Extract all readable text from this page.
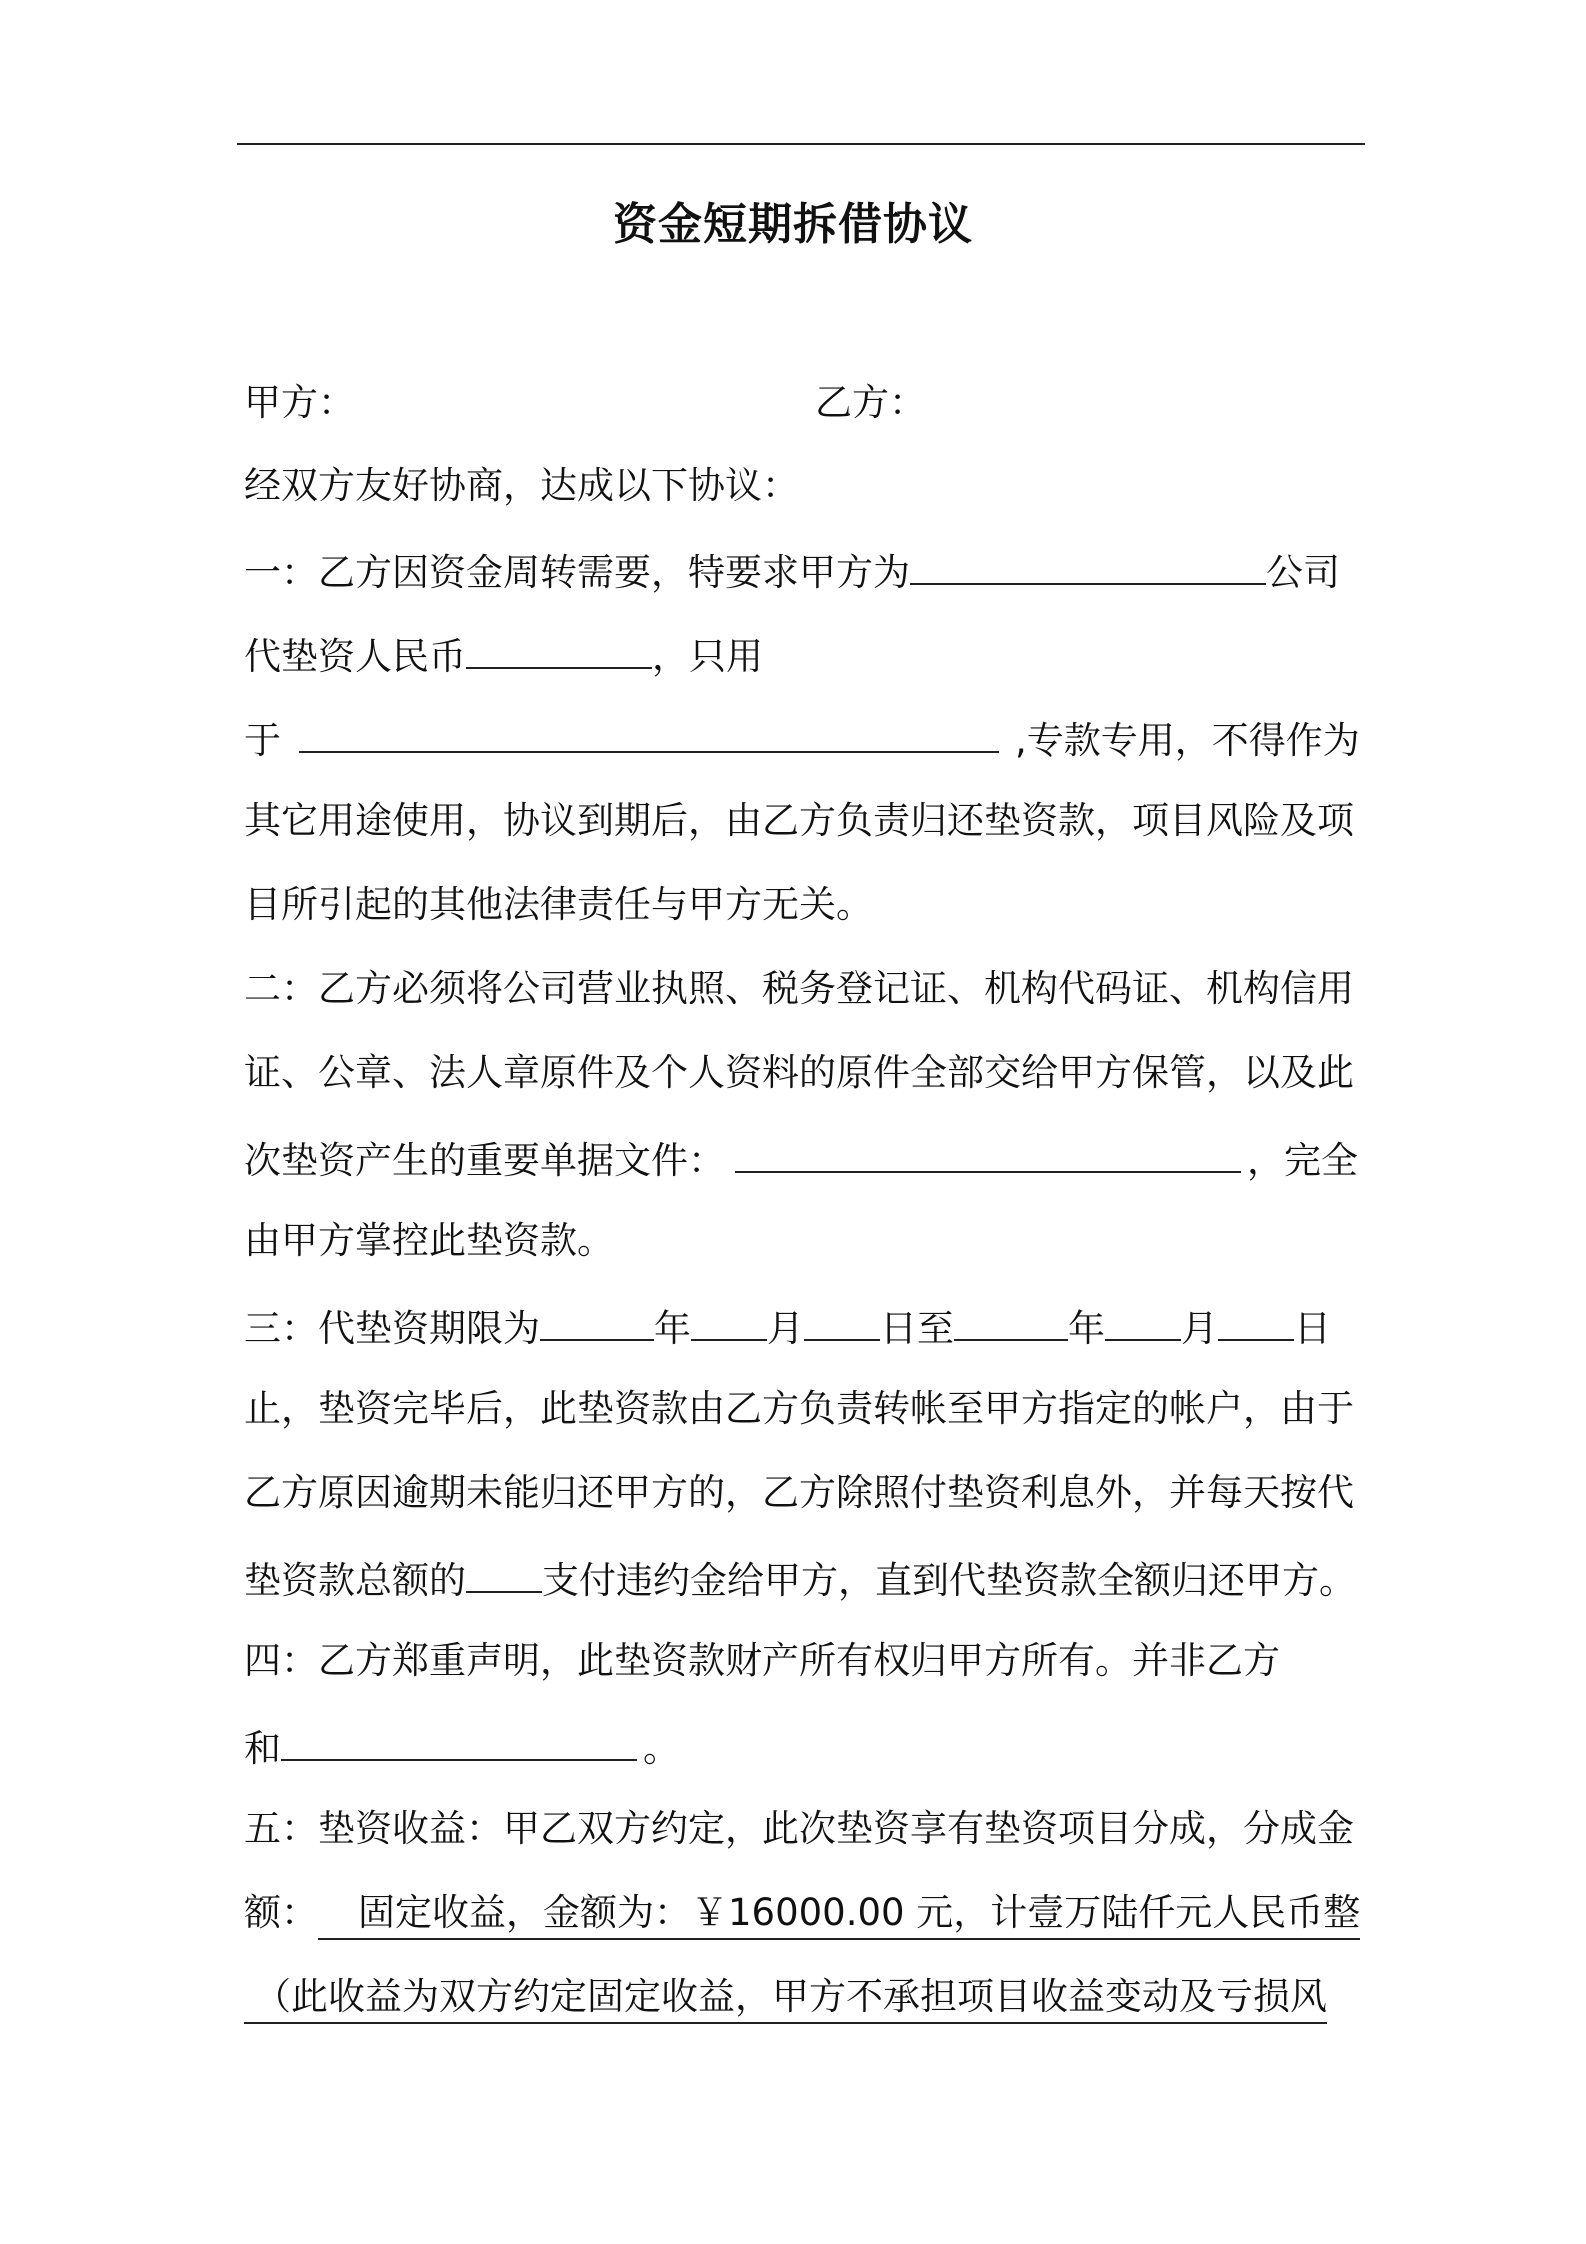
资金短期拆借协议
甲方：	乙方：
经双方友好协商，达成以下协议：
一：乙方因资金周转需要，特要求甲方为	公司
代垫资人民币	，只用
于	,专款专用，不得作为
其它用途使用，协议到期后，由乙方负责归还垫资款，项目风险及项
目所引起的其他法律责任与甲方无关。
二：乙方必须将公司营业执照、税务登记证、机构代码证、机构信用
证、公章、法人章原件及个人资料的原件全部交给甲方保管，以及此
次垫资产生的重要单据文件：	，完全
由甲方掌控此垫资款。
三：代垫资期限为	年 月 日至	年 月 日
止，垫资完毕后，此垫资款由乙方负责转帐至甲方指定的帐户，由于
乙方原因逾期未能归还甲方的，乙方除照付垫资利息外，并每天按代
垫资款总额的 支付违约金给甲方，直到代垫资款全额归还甲方。
四：乙方郑重声明，此垫资款财产所有权归甲方所有。并非乙方
和	。
五：垫资收益：甲乙双方约定，此次垫资享有垫资项目分成，分成金
额： 固定收益，金额为：￥16000.00 元，计壹万陆仟元人民币整
（此收益为双方约定固定收益，甲方不承担项目收益变动及亏损风
